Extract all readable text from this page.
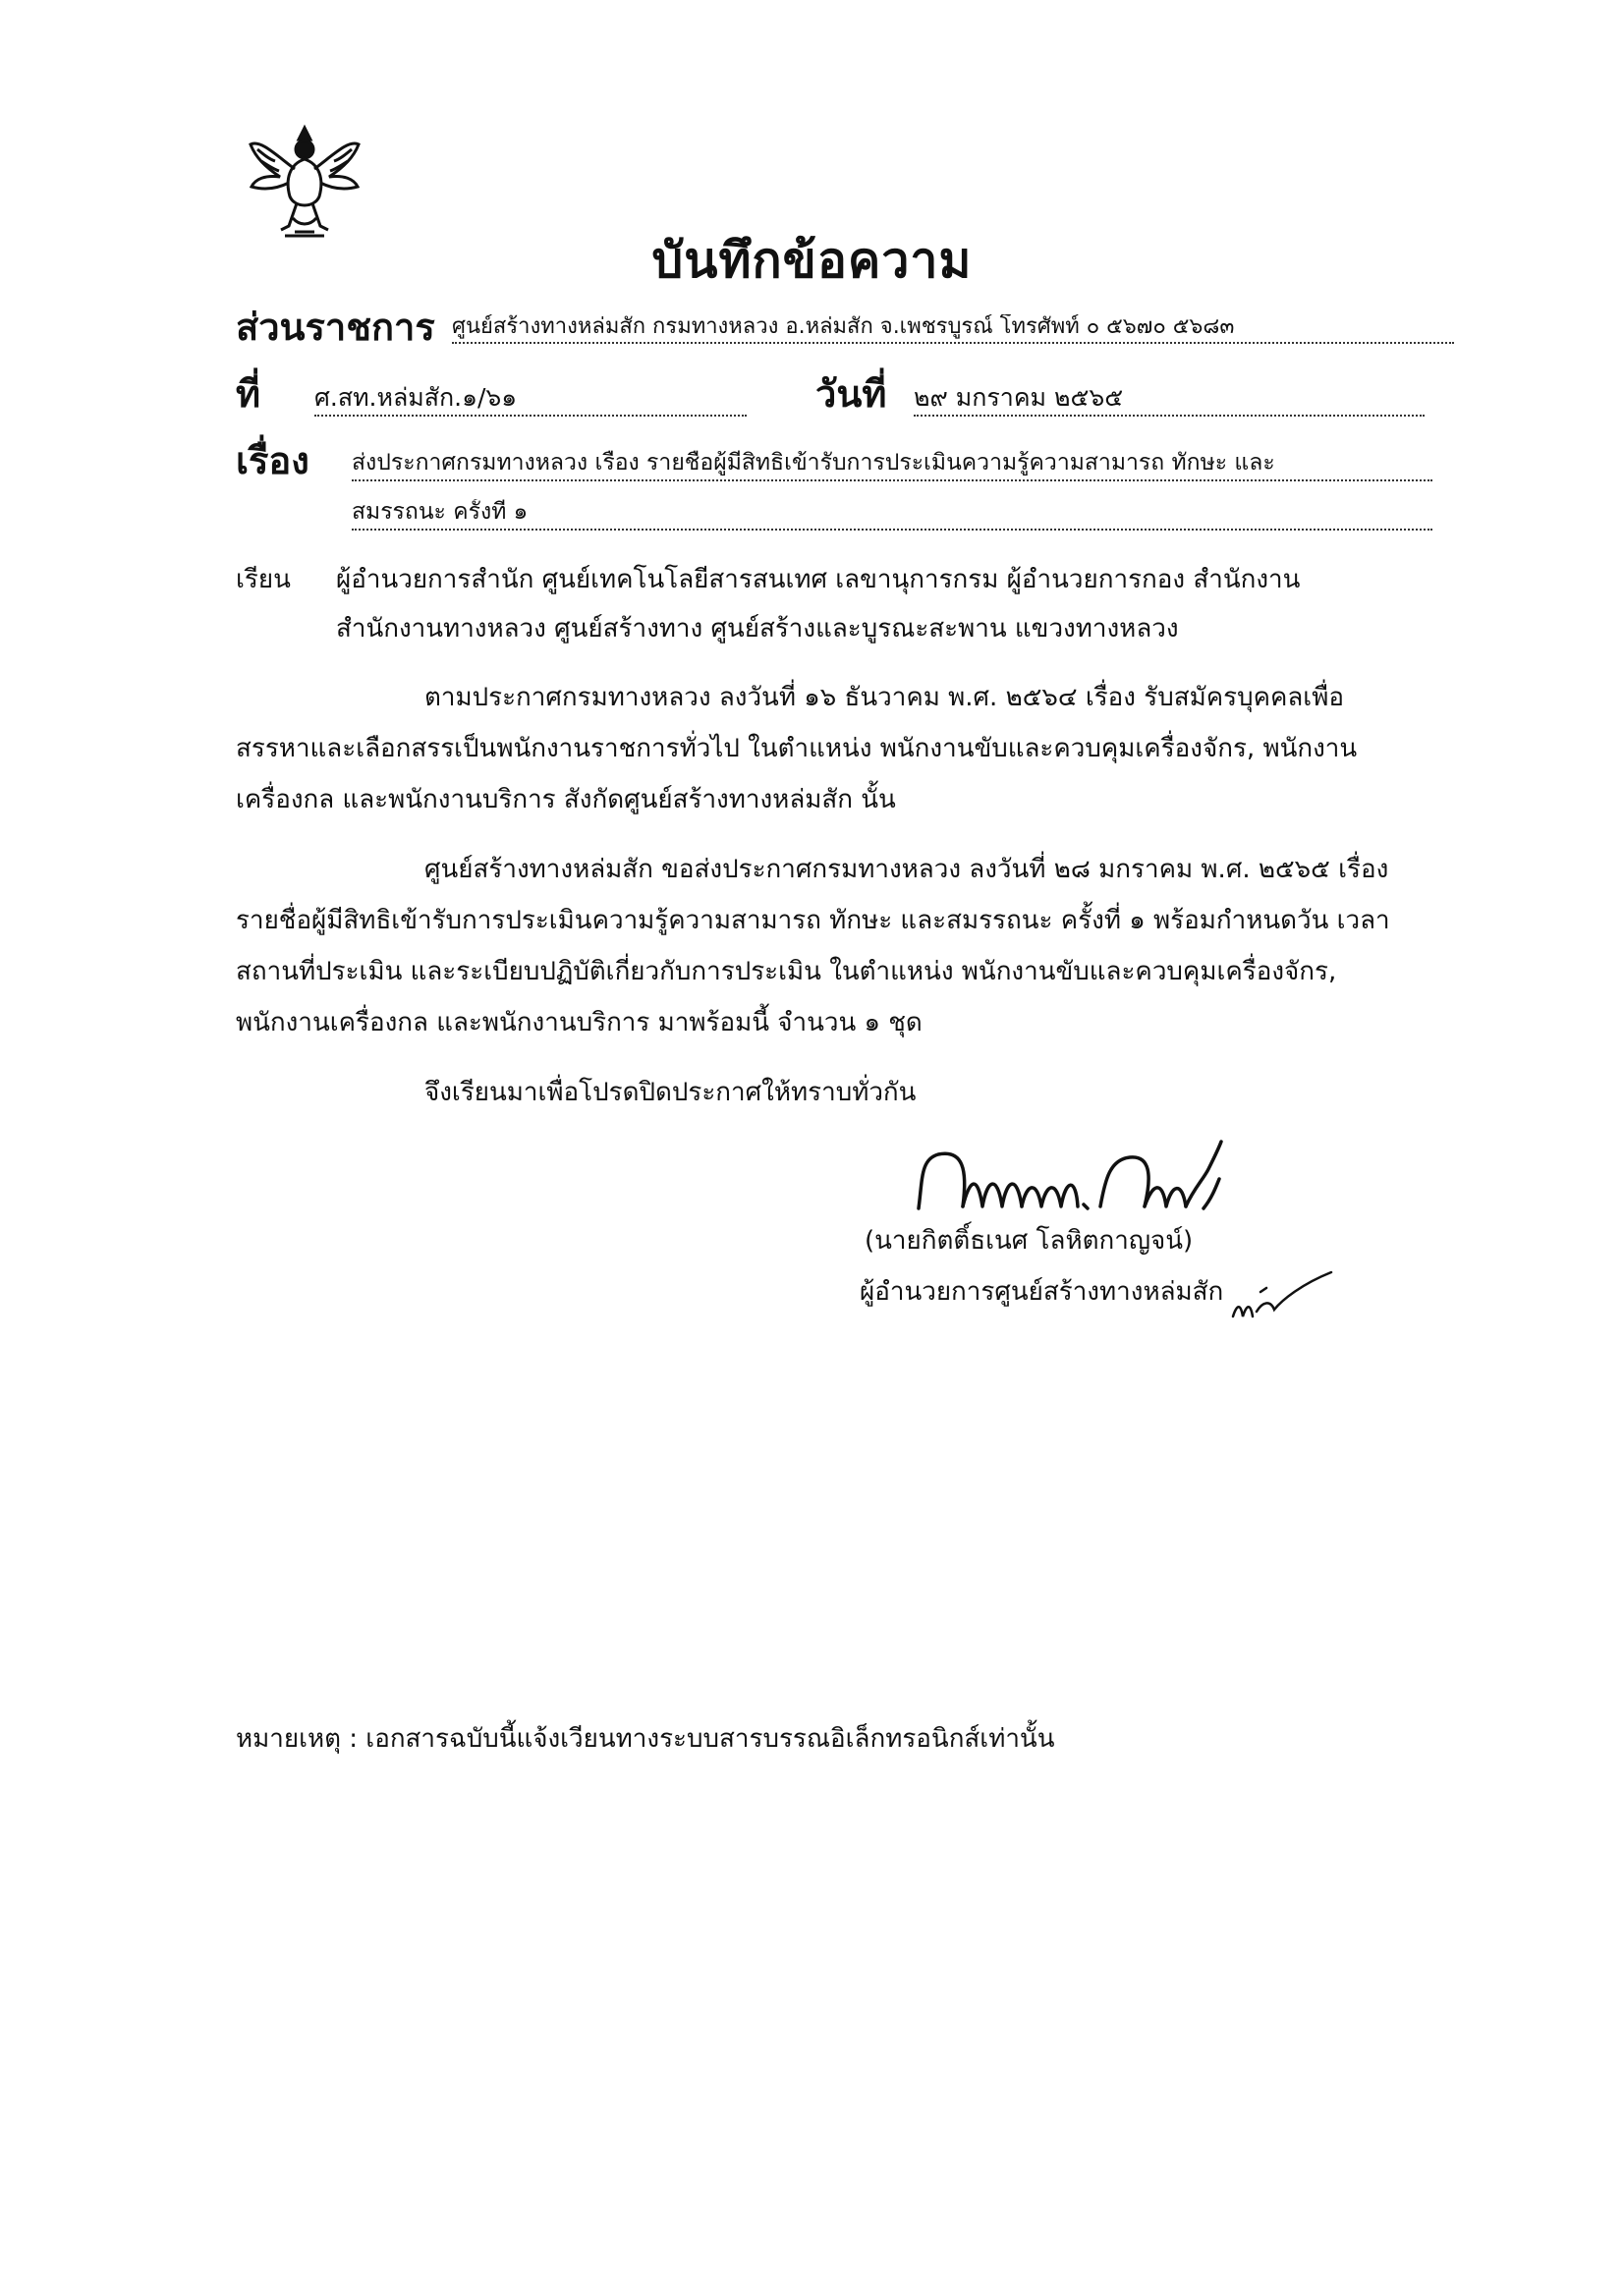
บันทึกข้อความ
ส่วนราชการ ศูนย์สร้างทางหล่มสัก กรมทางหลวง อ.หล่มสัก จ.เพชรบูรณ์ โทรศัพท์ ๐ ๕๖๗๐ ๕๖๘๓
ที่ ศ.สท.หล่มสัก.๑/๖๑	วันที่ ๒๙ มกราคม ๒๕๖๕
เรื่อง ส่งประกาศกรมทางหลวง เรื่อง รายชื่อผู้มีสิทธิเข้ารับการประเมินความรู้ความสามารถ ทักษะ และ
สมรรถนะ ครั้งที่ ๑
เรียน ผู้อำนวยการสำนัก ศูนย์เทคโนโลยีสารสนเทศ เลขานุการกรม ผู้อำนวยการกอง สำนักงาน
สำนักงานทางหลวง ศูนย์สร้างทาง ศูนย์สร้างและบูรณะสะพาน แขวงทางหลวง
ตามประกาศกรมทางหลวง ลงวันที่ ๑๖ ธันวาคม พ.ศ. ๒๕๖๔ เรื่อง รับสมัครบุคคลเพื่อ
สรรหาและเลือกสรรเป็นพนักงานราชการทั่วไป ในตำแหน่ง พนักงานขับและควบคุมเครื่องจักร, พนักงาน
เครื่องกล และพนักงานบริการ สังกัดศูนย์สร้างทางหล่มสัก นั้น
ศูนย์สร้างทางหล่มสัก ขอส่งประกาศกรมทางหลวง ลงวันที่ ๒๘ มกราคม พ.ศ. ๒๕๖๕ เรื่อง
รายชื่อผู้มีสิทธิเข้ารับการประเมินความรู้ความสามารถ ทักษะ และสมรรถนะ ครั้งที่ ๑ พร้อมกำหนดวัน เวลา
สถานที่ประเมิน และระเบียบปฏิบัติเกี่ยวกับการประเมิน ในตำแหน่ง พนักงานขับและควบคุมเครื่องจักร,
พนักงานเครื่องกล และพนักงานบริการ มาพร้อมนี้ จำนวน ๑ ชุด
จึงเรียนมาเพื่อโปรดปิดประกาศให้ทราบทั่วกัน
(นายกิตติ์ธเนศ โลหิตกาญจน์)
ผู้อำนวยการศูนย์สร้างทางหล่มสัก
หมายเหตุ : เอกสารฉบับนี้แจ้งเวียนทางระบบสารบรรณอิเล็กทรอนิกส์เท่านั้น
